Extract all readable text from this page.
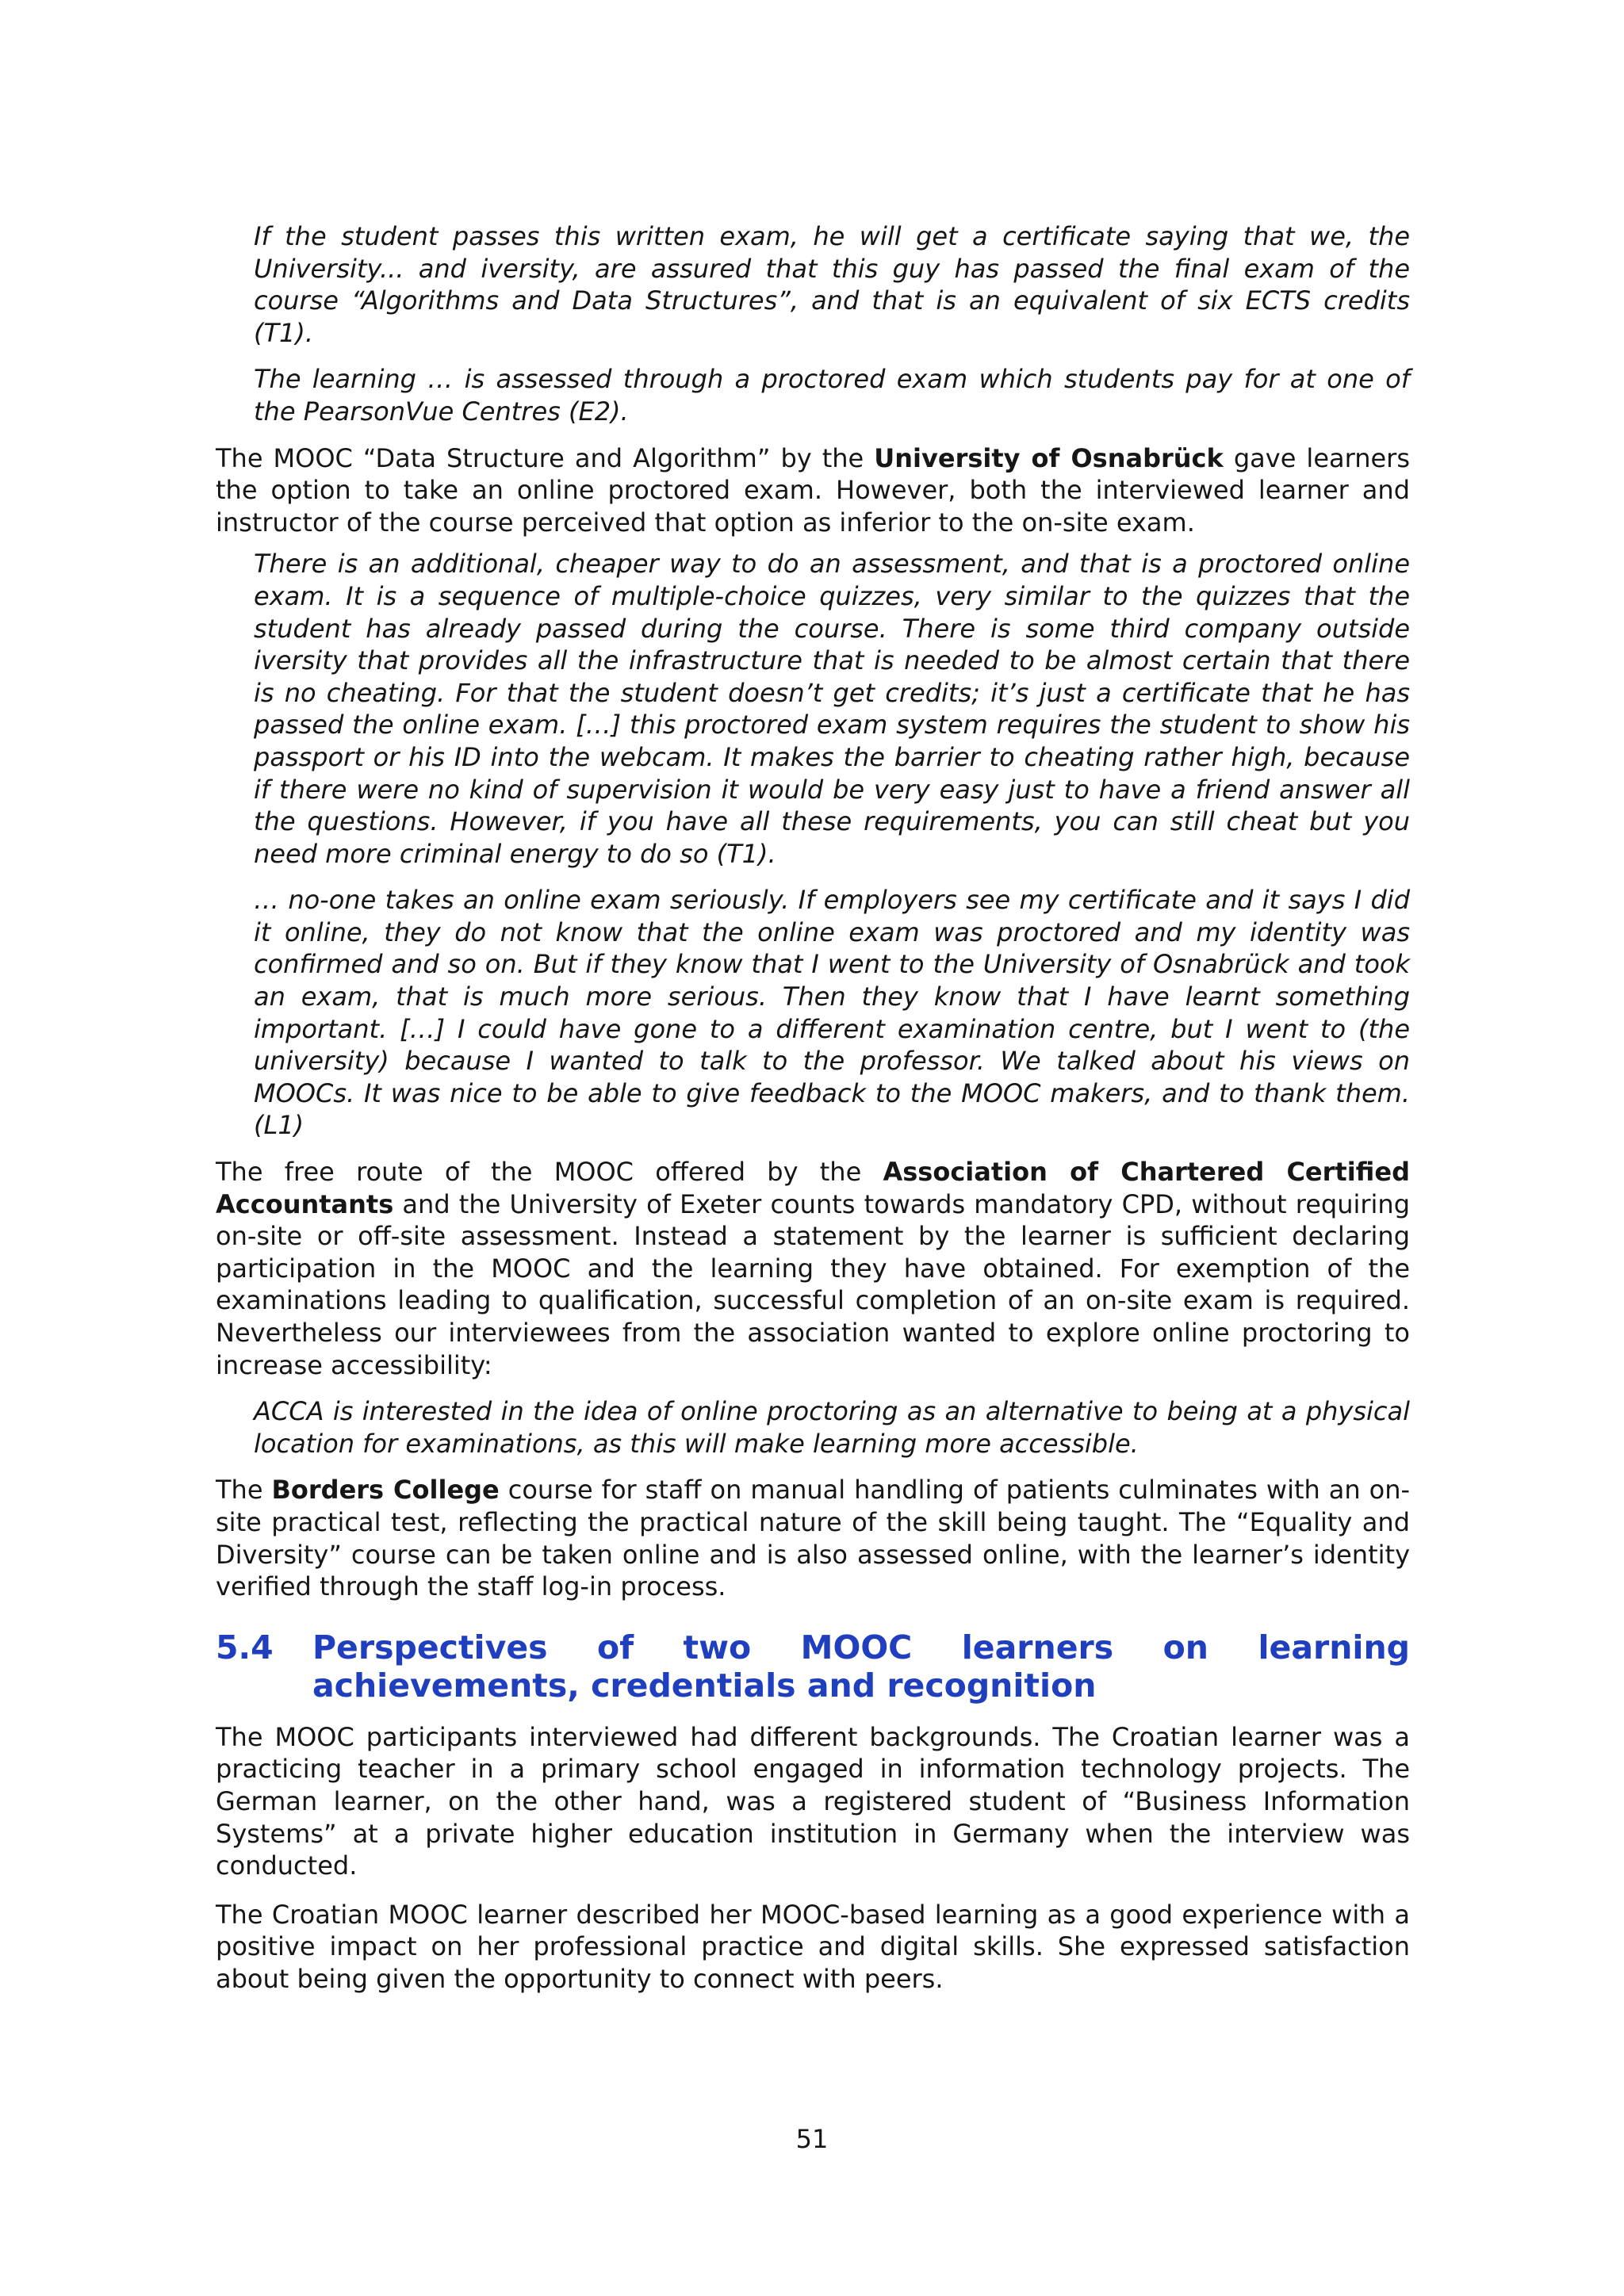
If the student passes this written exam, he will get a certificate saying that we, the University... and iversity, are assured that this guy has passed the final exam of the course “Algorithms and Data Structures”, and that is an equivalent of six ECTS credits (T1).

The learning … is assessed through a proctored exam which students pay for at one of the PearsonVue Centres (E2).

The MOOC “Data Structure and Algorithm” by the University of Osnabrück gave learners the option to take an online proctored exam. However, both the interviewed learner and instructor of the course perceived that option as inferior to the on-site exam.

There is an additional, cheaper way to do an assessment, and that is a proctored online exam. It is a sequence of multiple-choice quizzes, very similar to the quizzes that the student has already passed during the course. There is some third company outside iversity that provides all the infrastructure that is needed to be almost certain that there is no cheating. For that the student doesn’t get credits; it’s just a certificate that he has passed the online exam. […] this proctored exam system requires the student to show his passport or his ID into the webcam. It makes the barrier to cheating rather high, because if there were no kind of supervision it would be very easy just to have a friend answer all the questions. However, if you have all these requirements, you can still cheat but you need more criminal energy to do so (T1).

… no-one takes an online exam seriously. If employers see my certificate and it says I did it online, they do not know that the online exam was proctored and my identity was confirmed and so on. But if they know that I went to the University of Osnabrück and took an exam, that is much more serious. Then they know that I have learnt something important. […] I could have gone to a different examination centre, but I went to (the university) because I wanted to talk to the professor. We talked about his views on MOOCs. It was nice to be able to give feedback to the MOOC makers, and to thank them. (L1)

The free route of the MOOC offered by the Association of Chartered Certified Accountants and the University of Exeter counts towards mandatory CPD, without requiring on-site or off-site assessment. Instead a statement by the learner is sufficient declaring participation in the MOOC and the learning they have obtained. For exemption of the examinations leading to qualification, successful completion of an on-site exam is required. Nevertheless our interviewees from the association wanted to explore online proctoring to increase accessibility:

ACCA is interested in the idea of online proctoring as an alternative to being at a physical location for examinations, as this will make learning more accessible.

The Borders College course for staff on manual handling of patients culminates with an on-site practical test, reflecting the practical nature of the skill being taught. The “Equality and Diversity” course can be taken online and is also assessed online, with the learner’s identity verified through the staff log-in process.

5.4	Perspectives of two MOOC learners on learning achievements, credentials and recognition

The MOOC participants interviewed had different backgrounds. The Croatian learner was a practicing teacher in a primary school engaged in information technology projects. The German learner, on the other hand, was a registered student of “Business Information Systems” at a private higher education institution in Germany when the interview was conducted.

The Croatian MOOC learner described her MOOC-based learning as a good experience with a positive impact on her professional practice and digital skills. She expressed satisfaction about being given the opportunity to connect with peers.

51
